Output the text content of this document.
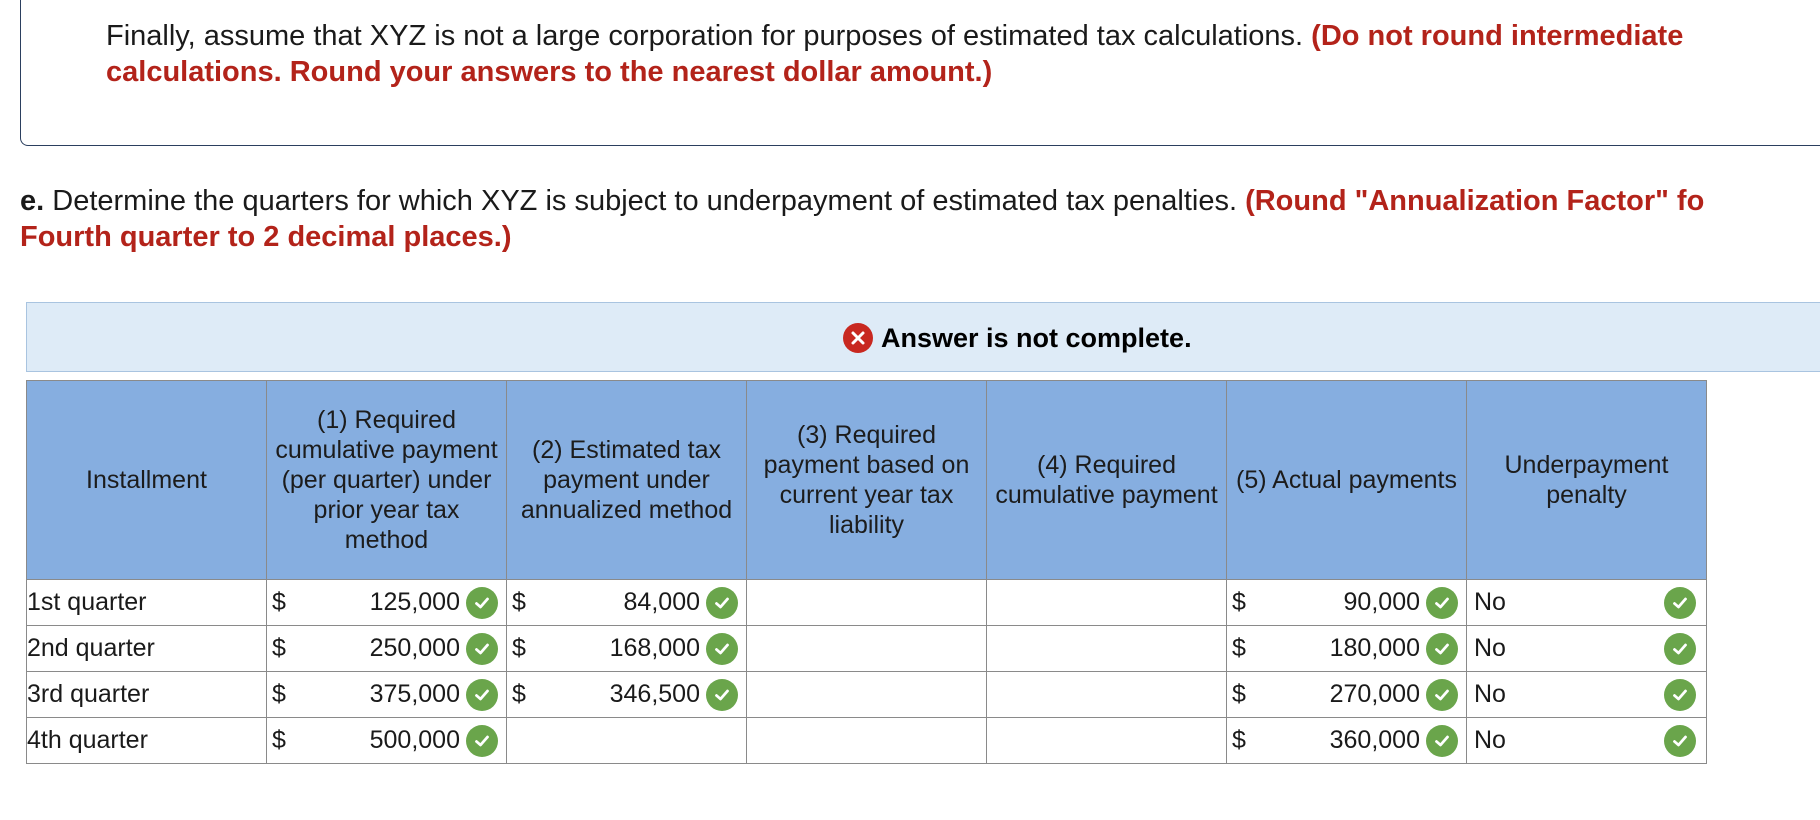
Finally, assume that XYZ is not a large corporation for purposes of estimated tax calculations. (Do not round intermediate
calculations. Round your answers to the nearest dollar amount.)
e. Determine the quarters for which XYZ is subject to underpayment of estimated tax penalties. (Round "Annualization Factor" fo
Fourth quarter to 2 decimal places.)
Answer is not complete.
Installment	(1) Required cumulative payment (per quarter) under prior year tax method	(2) Estimated tax payment under annualized method	(3) Required payment based on current year tax liability	(4) Required cumulative payment	(5) Actual payments	Underpayment penalty
1st quarter	$ 125,000	$ 84,000			$ 90,000	No

2nd quarter	$ 250,000	$ 168,000			$ 180,000	No

3rd quarter	$ 375,000	$ 346,500			$ 270,000	No

4th quarter	$ 500,000				$ 360,000	No
